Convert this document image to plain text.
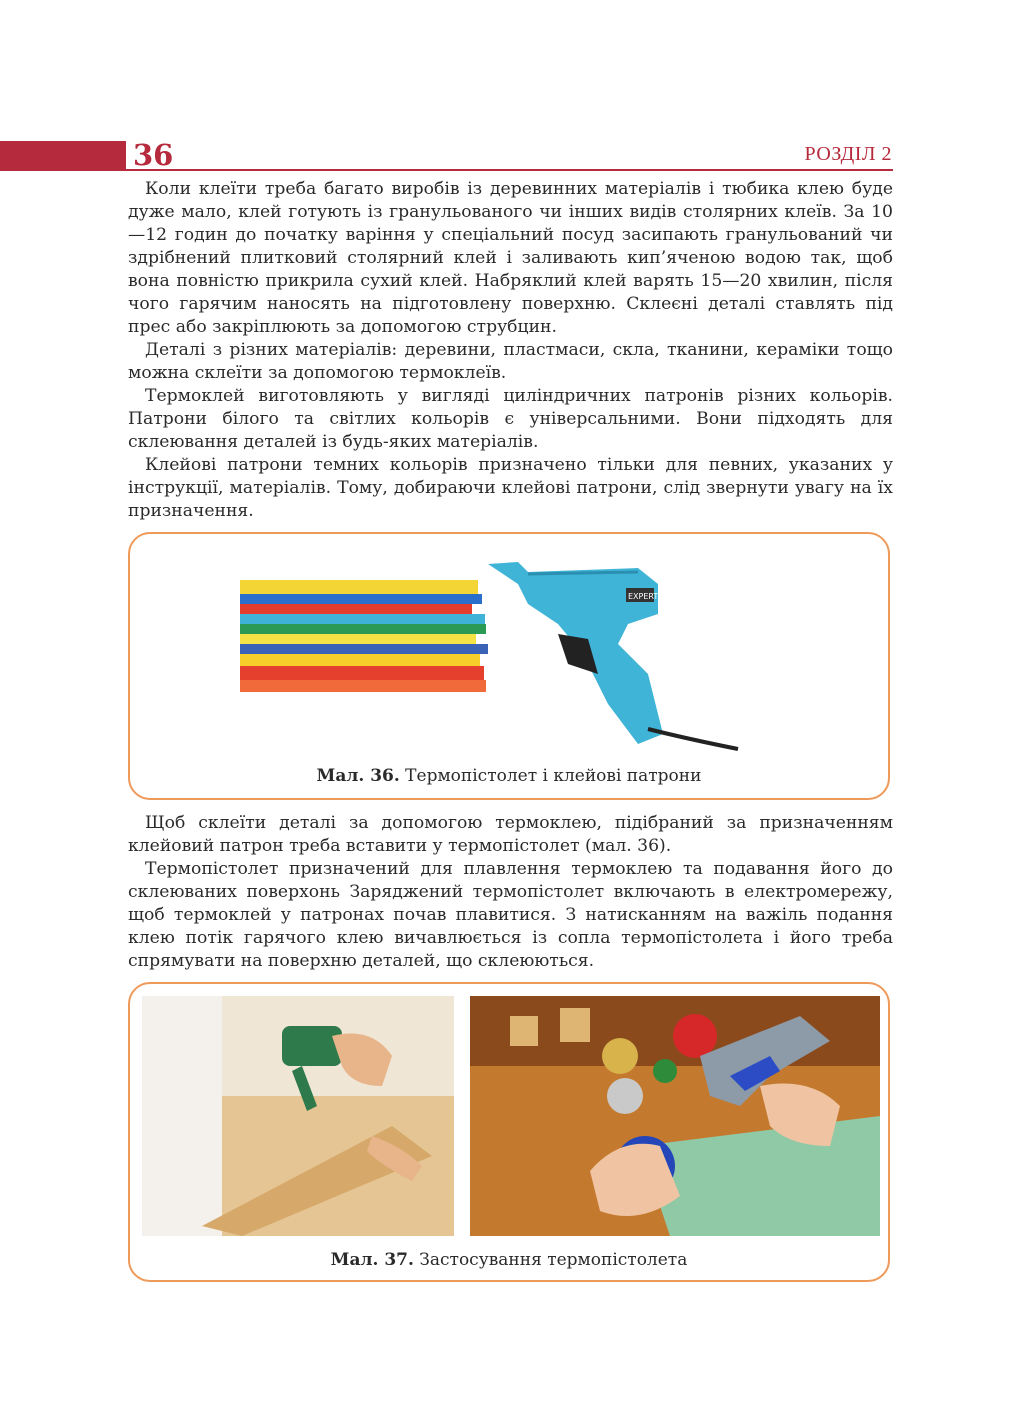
36	РОЗДІЛ 2

Коли клеїти треба багато виробів із деревинних матеріалів і тюбика клею буде дуже мало, клей готують із гранульованого чи інших видів столярних клеїв. За 10—12 годин до початку варіння у спеціальний посуд засипають гранульований чи здрібнений плитковий столярний клей і заливають кип’яченою водою так, щоб вона повністю прикрила сухий клей. Набряклий клей варять 15—20 хвилин, після чого гарячим наносять на підготовлену поверхню. Склеєні деталі ставлять під прес або закріплюють за допомогою струбцин.

Деталі з різних матеріалів: деревини, пластмаси, скла, тканини, кераміки тощо можна склеїти за допомогою термоклеїв.

Термоклей виготовляють у вигляді циліндричних патронів різних кольорів. Патрони білого та світлих кольорів є універсальними. Вони підходять для склеювання деталей із будь-яких матеріалів.

Клейові патрони темних кольорів призначено тільки для певних, указаних у інструкції, матеріалів. Тому, добираючи клейові патрони, слід звернути увагу на їх призначення.

EXPERT
Мал. 36. Термопістолет і клейові патрони

Щоб склеїти деталі за допомогою термоклею, підібраний за призначенням клейовий патрон треба вставити у термопістолет (мал. 36).

Термопістолет призначений для плавлення термоклею та подавання його до склеюваних поверхонь Заряджений термопістолет включають в електромережу, щоб термоклей у патронах почав плавитися. З натисканням на важіль подання клею потік гарячого клею вичавлюється із сопла термопістолета і його треба спрямувати на поверхню деталей, що склеюються.

Мал. 37. Застосування термопістолета
